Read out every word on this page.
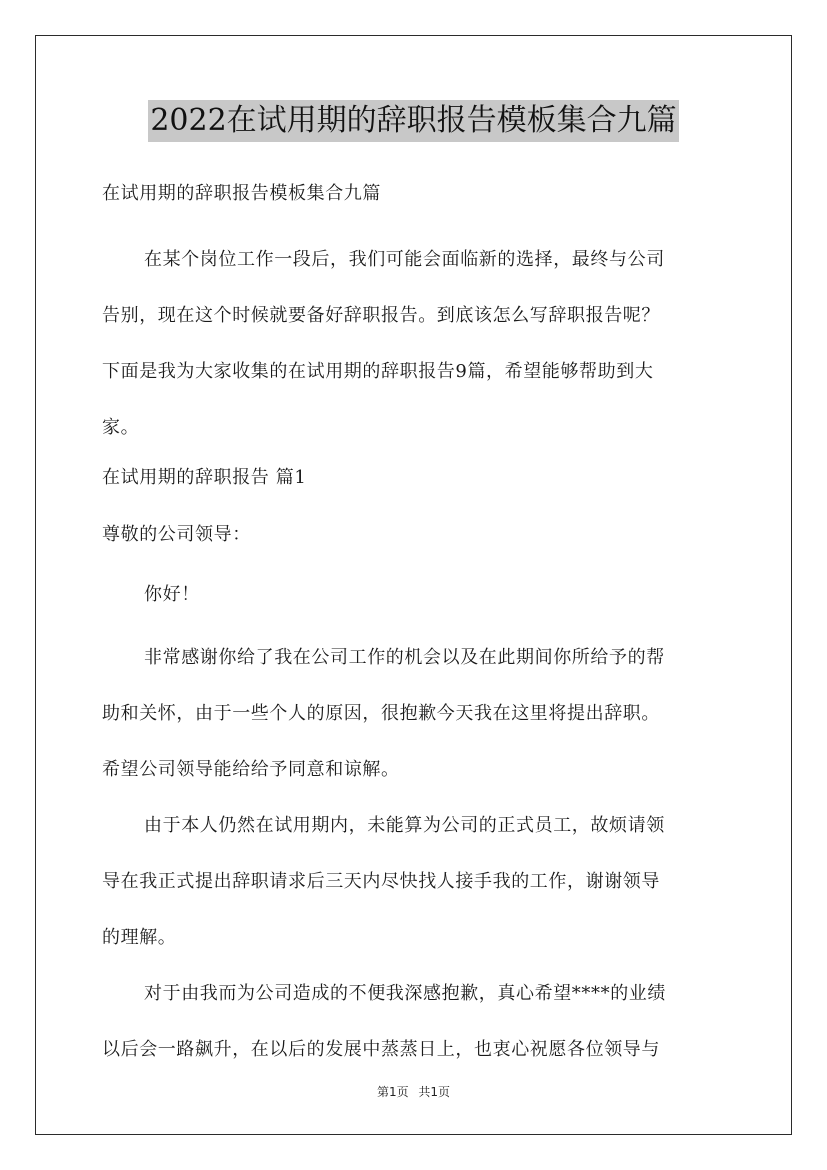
2022在试用期的辞职报告模板集合九篇
在试用期的辞职报告模板集合九篇
在某个岗位工作一段后，我们可能会面临新的选择，最终与公司
告别，现在这个时候就要备好辞职报告。到底该怎么写辞职报告呢？
下面是我为大家收集的在试用期的辞职报告9篇，希望能够帮助到大
家。
在试用期的辞职报告 篇1
尊敬的公司领导：
你好！
非常感谢你给了我在公司工作的机会以及在此期间你所给予的帮
助和关怀，由于一些个人的原因，很抱歉今天我在这里将提出辞职。
希望公司领导能给给予同意和谅解。
由于本人仍然在试用期内，未能算为公司的正式员工，故烦请领
导在我正式提出辞职请求后三天内尽快找人接手我的工作，谢谢领导
的理解。
对于由我而为公司造成的不便我深感抱歉，真心希望****的业绩
以后会一路飙升，在以后的发展中蒸蒸日上，也衷心祝愿各位领导与
第1页 共1页
